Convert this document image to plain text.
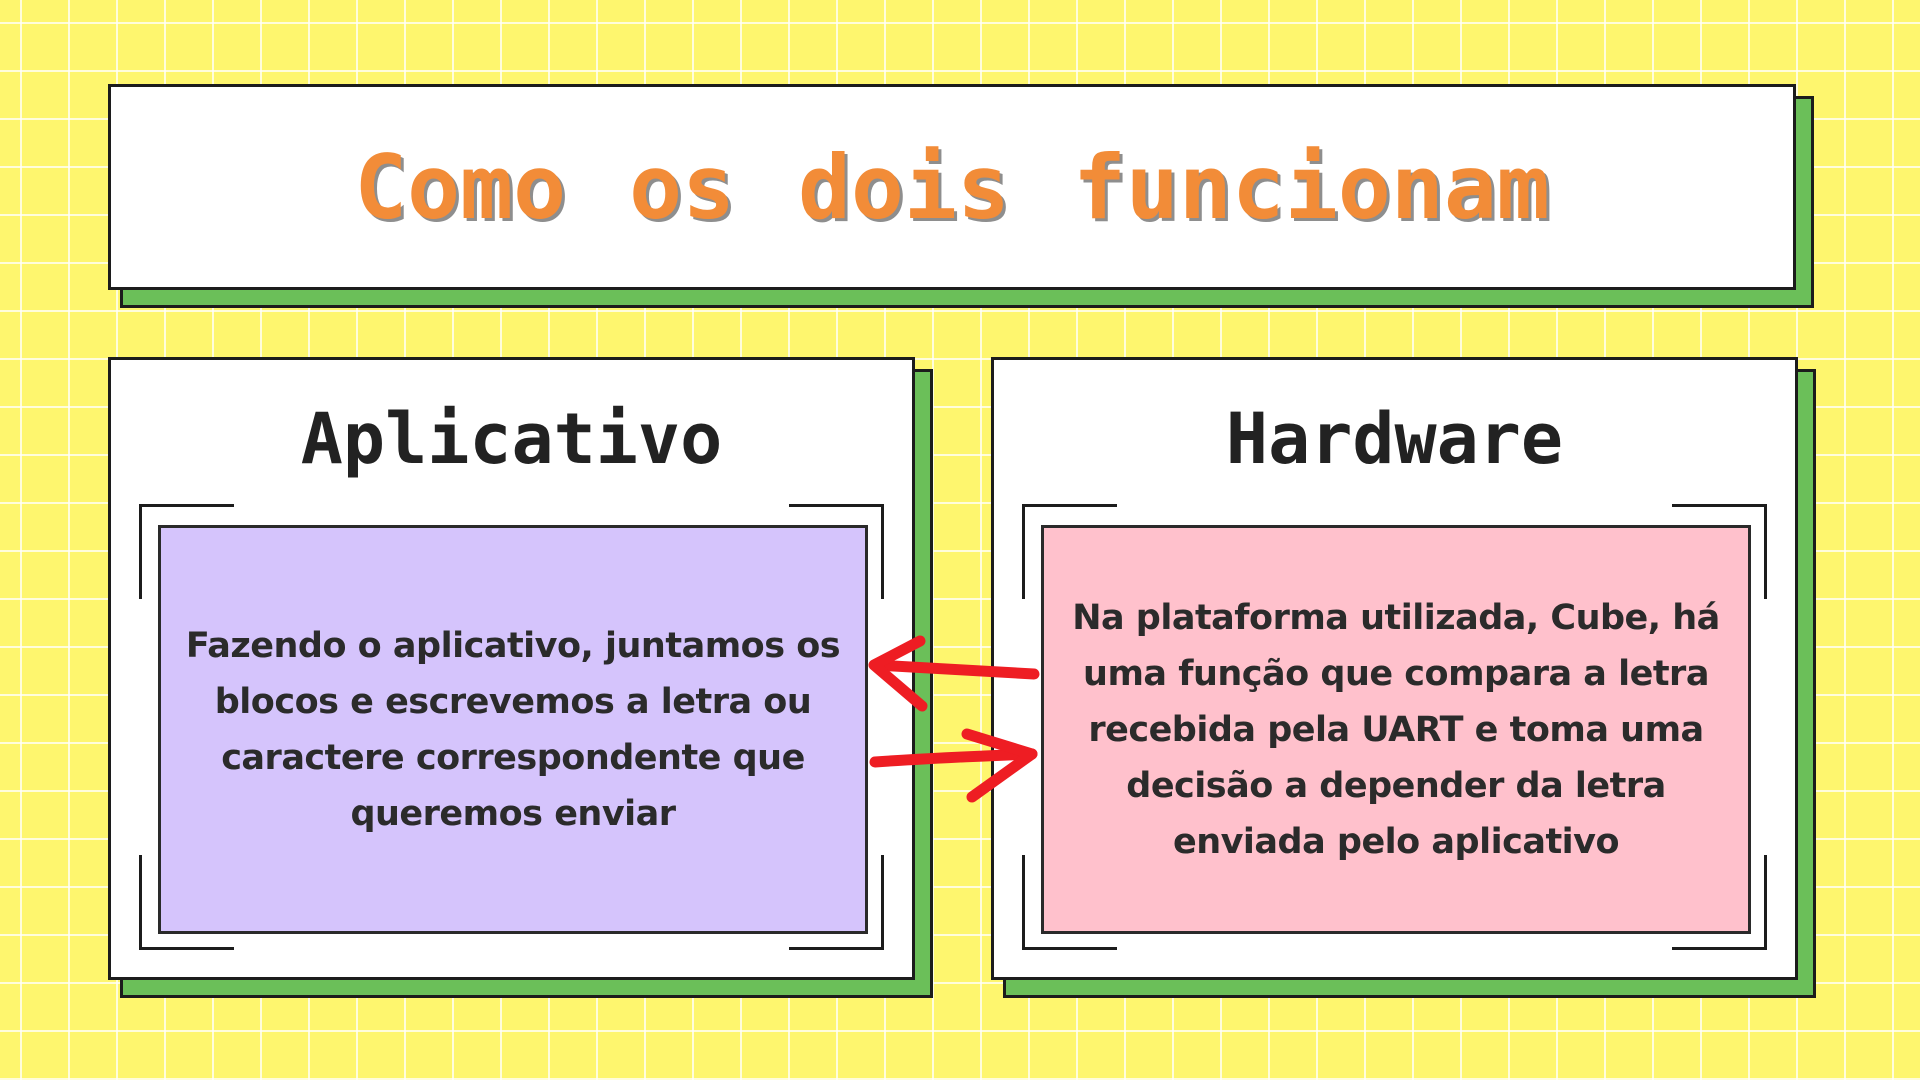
Como os dois funcionam
Aplicativo

Fazendo o aplicativo, juntamos os blocos e escrevemos a letra ou caractere correspondente que queremos enviar

Hardware

Na plataforma utilizada, Cube, há uma função que compara a letra recebida pela UART e toma uma decisão a depender da letra enviada pelo aplicativo
